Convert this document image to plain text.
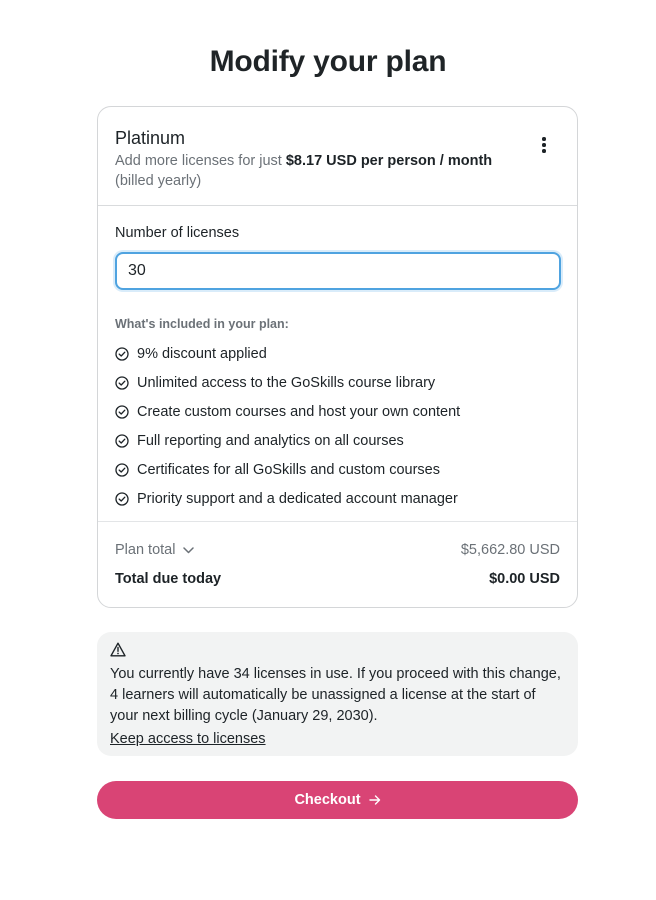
Modify your plan
Platinum
Add more licenses for just $8.17 USD per person / month
(billed yearly)
Number of licenses 30
What's included in your plan:
9% discount applied
Unlimited access to the GoSkills course library
Create custom courses and host your own content
Full reporting and analytics on all courses
Certificates for all GoSkills and custom courses
Priority support and a dedicated account manager
Plan total	$5,662.80 USD
Total due today	$0.00 USD
You currently have 34 licenses in use. If you proceed with this change, 4 learners will automatically be unassigned a license at the start of your next billing cycle (January 29, 2030).
Keep access to licenses
Checkout
